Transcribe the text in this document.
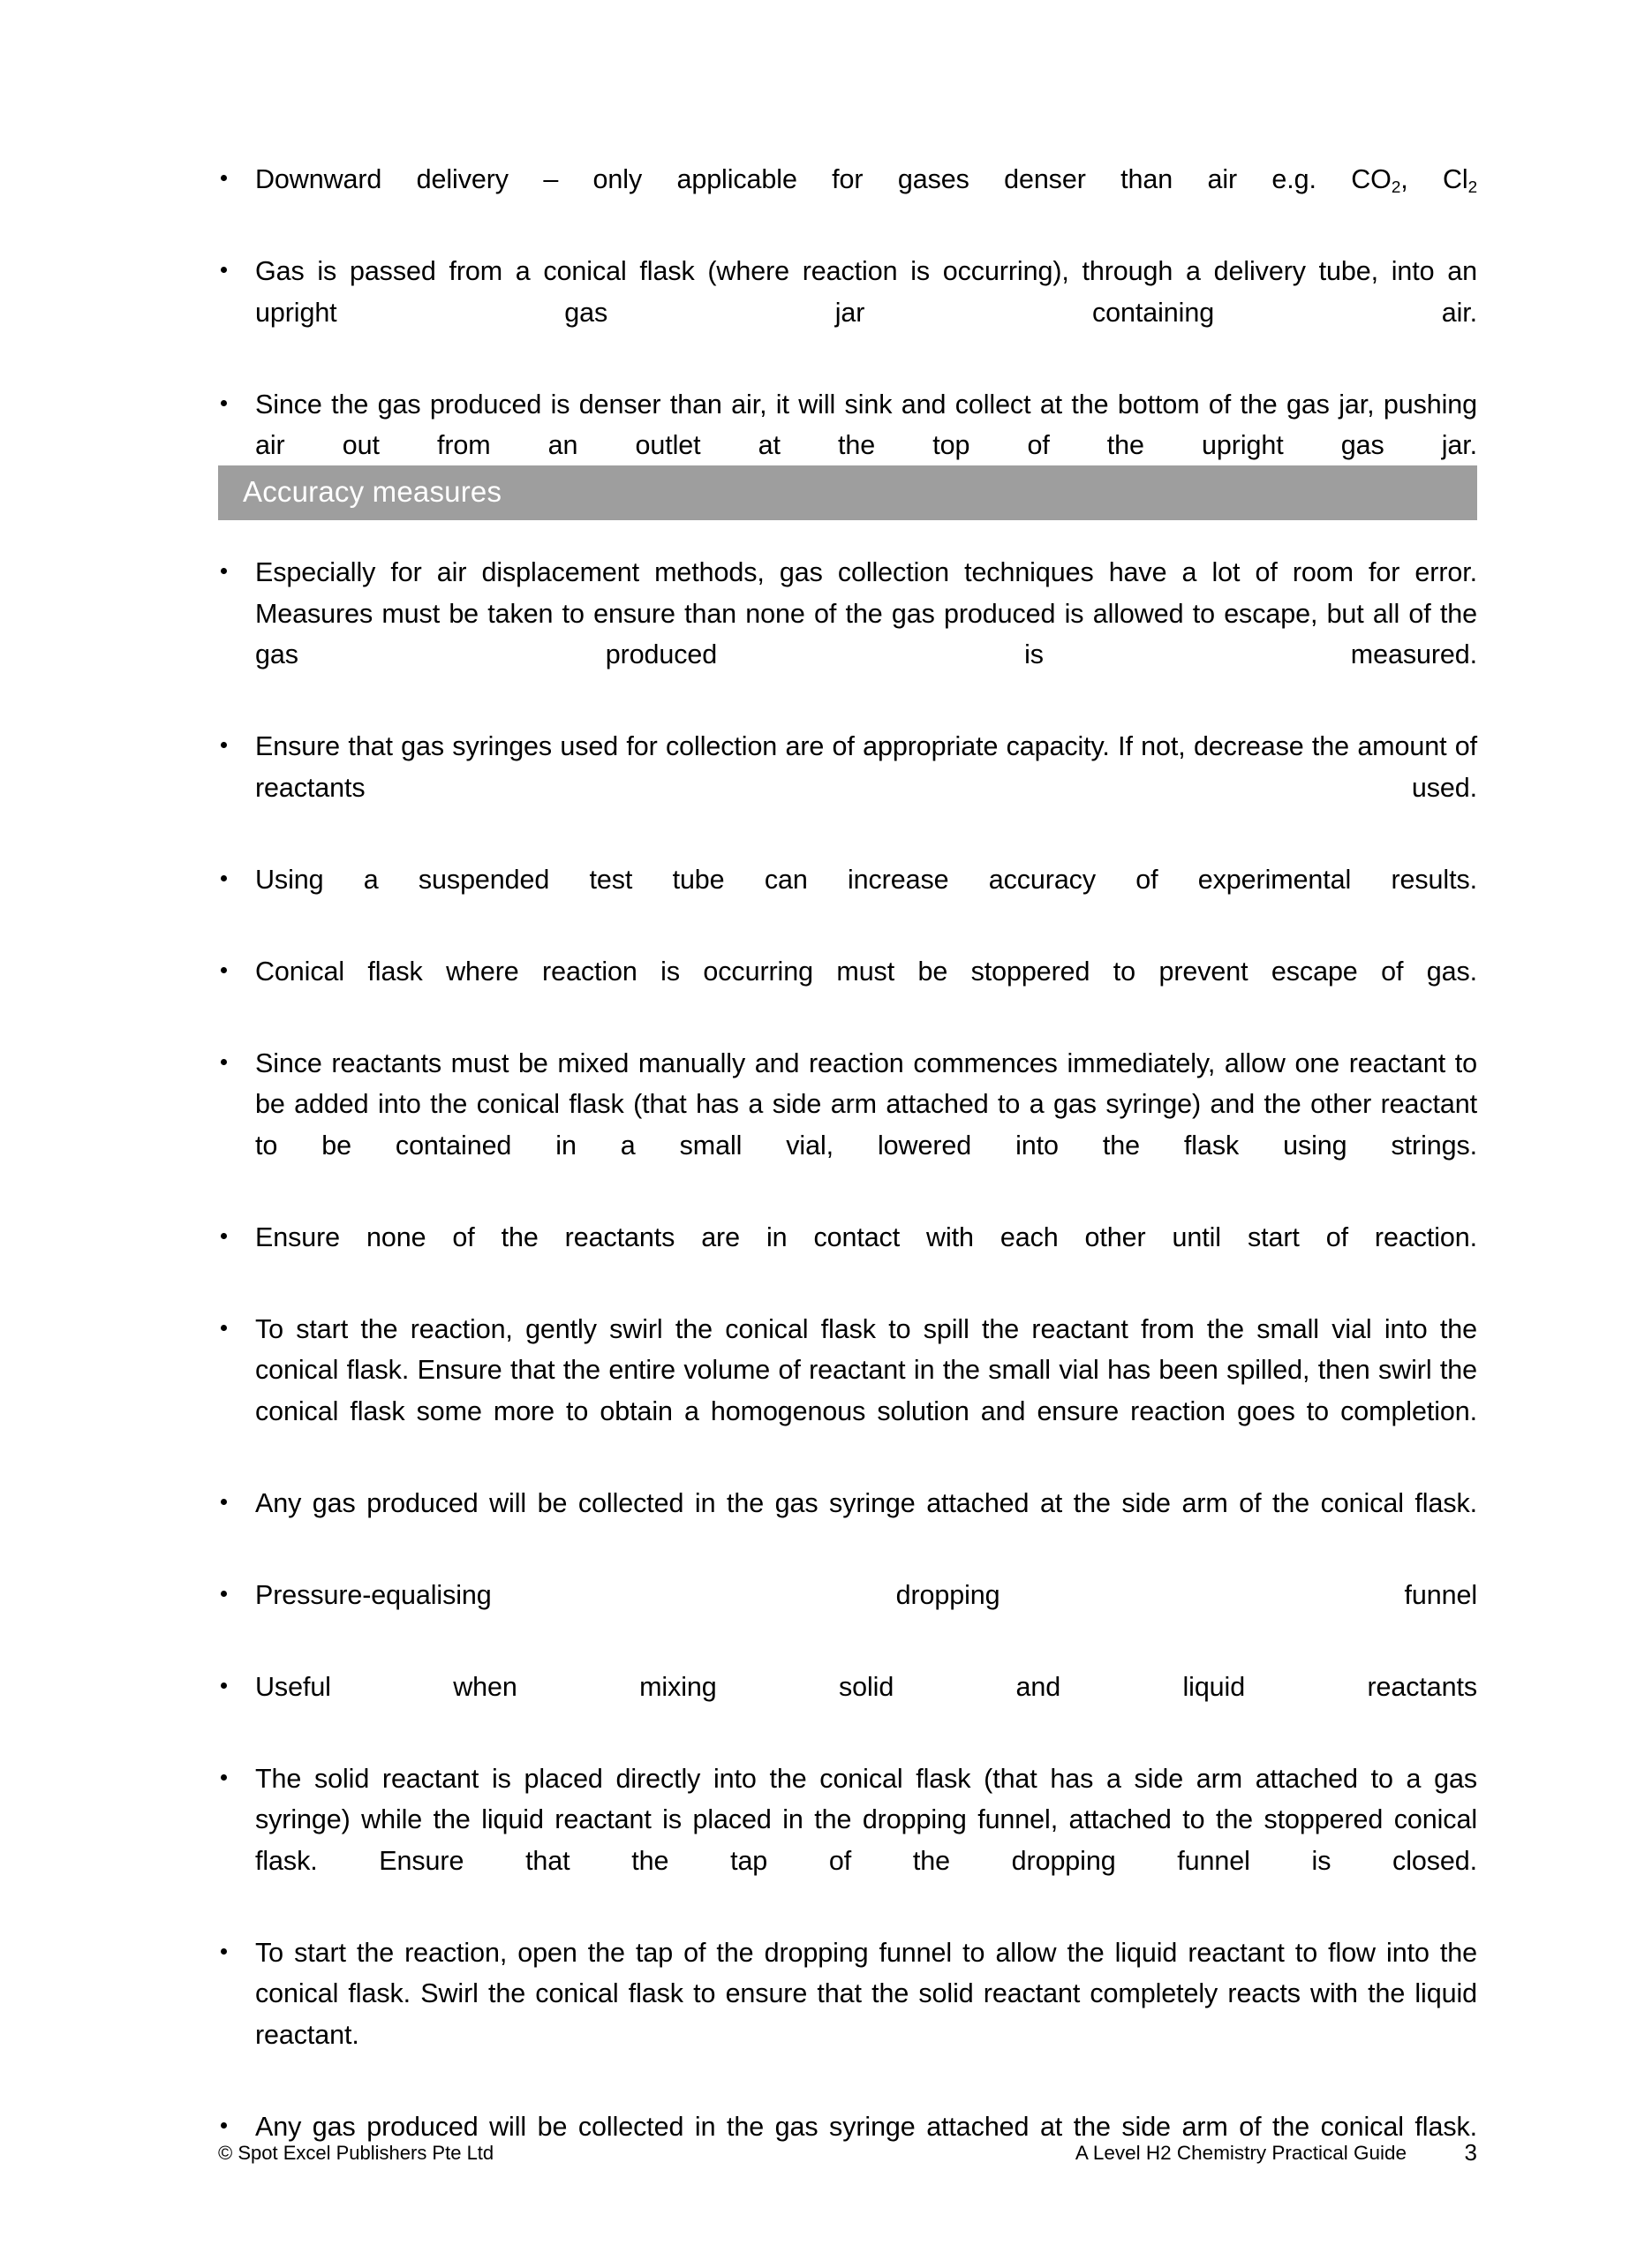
Downward delivery – only applicable for gases denser than air e.g. $CO_2$, $Cl_2$
Gas is passed from a conical flask (where reaction is occurring), through a delivery tube, into an upright gas jar containing air.
Since the gas produced is denser than air, it will sink and collect at the bottom of the gas jar, pushing air out from an outlet at the top of the upright gas jar.
Accuracy measures
Especially for air displacement methods, gas collection techniques have a lot of room for error. Measures must be taken to ensure than none of the gas produced is allowed to escape, but all of the gas produced is measured.
Ensure that gas syringes used for collection are of appropriate capacity. If not, decrease the amount of reactants used.
Using a suspended test tube can increase accuracy of experimental results.
Conical flask where reaction is occurring must be stoppered to prevent escape of gas.
Since reactants must be mixed manually and reaction commences immediately, allow one reactant to be added into the conical flask (that has a side arm attached to a gas syringe) and the other reactant to be contained in a small vial, lowered into the flask using strings.
Ensure none of the reactants are in contact with each other until start of reaction.
To start the reaction, gently swirl the conical flask to spill the reactant from the small vial into the conical flask. Ensure that the entire volume of reactant in the small vial has been spilled, then swirl the conical flask some more to obtain a homogenous solution and ensure reaction goes to completion.
Any gas produced will be collected in the gas syringe attached at the side arm of the conical flask.
Pressure-equalising dropping funnel
Useful when mixing solid and liquid reactants
The solid reactant is placed directly into the conical flask (that has a side arm attached to a gas syringe) while the liquid reactant is placed in the dropping funnel, attached to the stoppered conical flask. Ensure that the tap of the dropping funnel is closed.
To start the reaction, open the tap of the dropping funnel to allow the liquid reactant to flow into the conical flask. Swirl the conical flask to ensure that the solid reactant completely reacts with the liquid reactant.
Any gas produced will be collected in the gas syringe attached at the side arm of the conical flask.
© Spot Excel Publishers Pte Ltd	A Level H2 Chemistry Practical Guide	3
